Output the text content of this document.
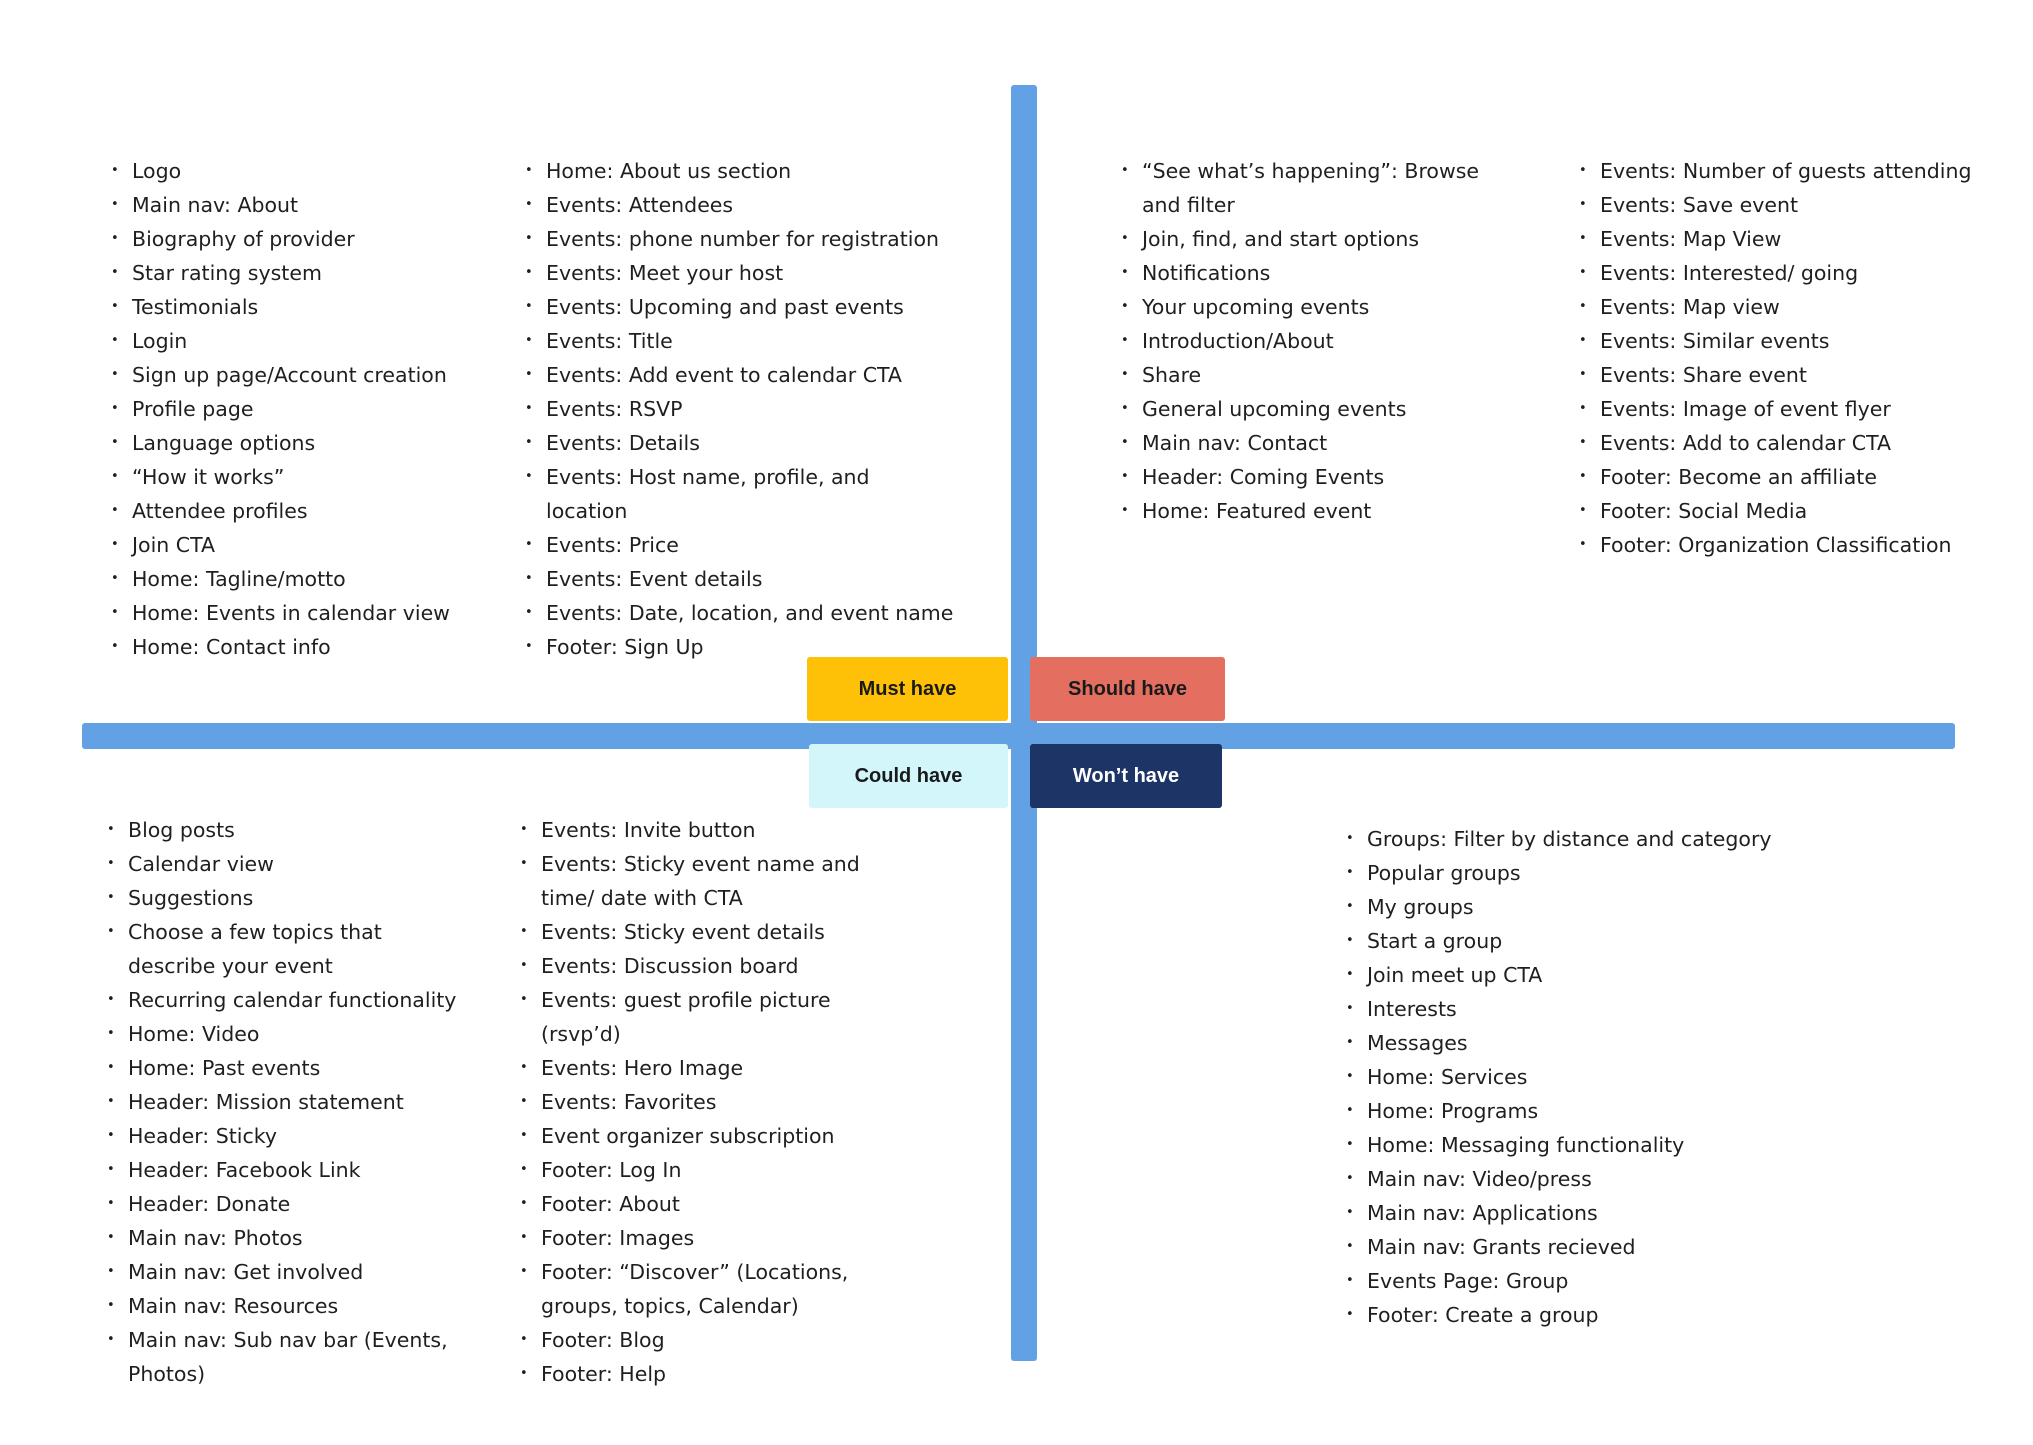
Must have	Should have
Could have	Won’t have
• Logo
• Main nav: About
• Biography of provider
• Star rating system
• Testimonials
• Login
• Sign up page/Account creation
• Profile page
• Language options
• “How it works”
• Attendee profiles
• Join CTA
• Home: Tagline/motto
• Home: Events in calendar view
• Home: Contact info
• Home: About us section
• Events: Attendees
• Events: phone number for registration
• Events: Meet your host
• Events: Upcoming and past events
• Events: Title
• Events: Add event to calendar CTA
• Events: RSVP
• Events: Details
• Events: Host name, profile, and location
• Events: Price
• Events: Event details
• Events: Date, location, and event name
• Footer: Sign Up
• “See what’s happening”: Browse and filter
• Join, find, and start options
• Notifications
• Your upcoming events
• Introduction/About
• Share
• General upcoming events
• Main nav: Contact
• Header: Coming Events
• Home: Featured event
• Events: Number of guests attending
• Events: Save event
• Events: Map View
• Events: Interested/ going
• Events: Map view
• Events: Similar events
• Events: Share event
• Events: Image of event flyer
• Events: Add to calendar CTA
• Footer: Become an affiliate
• Footer: Social Media
• Footer: Organization Classification
• Blog posts
• Calendar view
• Suggestions
• Choose a few topics that describe your event
• Recurring calendar functionality
• Home: Video
• Home: Past events
• Header: Mission statement
• Header: Sticky
• Header: Facebook Link
• Header: Donate
• Main nav: Photos
• Main nav: Get involved
• Main nav: Resources
• Main nav: Sub nav bar (Events, Photos)
• Events: Invite button
• Events: Sticky event name and time/ date with CTA
• Events: Sticky event details
• Events: Discussion board
• Events: guest profile picture (rsvp’d)
• Events: Hero Image
• Events: Favorites
• Event organizer subscription
• Footer: Log In
• Footer: About
• Footer: Images
• Footer: “Discover” (Locations, groups, topics, Calendar)
• Footer: Blog
• Footer: Help
• Groups: Filter by distance and category
• Popular groups
• My groups
• Start a group
• Join meet up CTA
• Interests
• Messages
• Home: Services
• Home: Programs
• Home: Messaging functionality
• Main nav: Video/press
• Main nav: Applications
• Main nav: Grants recieved
• Events Page: Group
• Footer: Create a group
